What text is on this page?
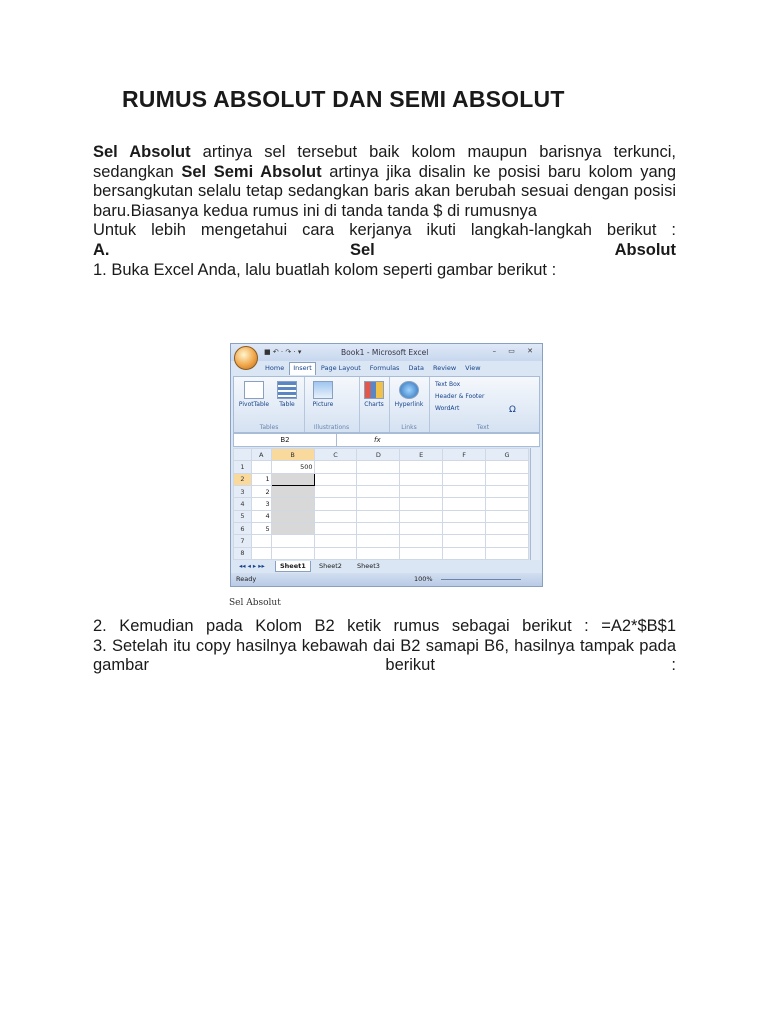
RUMUS ABSOLUT DAN SEMI ABSOLUT
Sel Absolut artinya sel tersebut baik kolom maupun barisnya terkunci, sedangkan Sel Semi Absolut artinya jika disalin ke posisi baru kolom yang bersangkutan selalu tetap sedangkan baris akan berubah sesuai dengan posisi baru.Biasanya kedua rumus ini di tanda tanda $ di rumusnya
Untuk lebih mengetahui cara kerjanya ikuti langkah-langkah berikut :
A. Sel Absolut
1. Buka Excel Anda, lalu buatlah kolom seperti gambar berikut :
■ ↶ · ↷ · ▾	Book1 - Microsoft Excel	– ▭ ✕
Home	Insert	Page Layout	Formulas	Data	Review	View
PivotTable	Table
Tables
Picture
Illustrations
Charts	Hyperlink
Links
Text Box
Header & Footer
WordArt	Ω
Text
B2	fx
	A	B	C	D	E	F	G
1		500					
2	1						
3	2						
4	3						
5	4						
6	5						
7							
8							
◂◂ ◂ ▸ ▸▸	Sheet1	Sheet2	Sheet3
Ready	100%
Sel Absolut
2. Kemudian pada Kolom B2 ketik rumus sebagai berikut : =A2*$B$1
3. Setelah itu copy hasilnya kebawah dai B2 samapi B6, hasilnya tampak pada gambar berikut :
